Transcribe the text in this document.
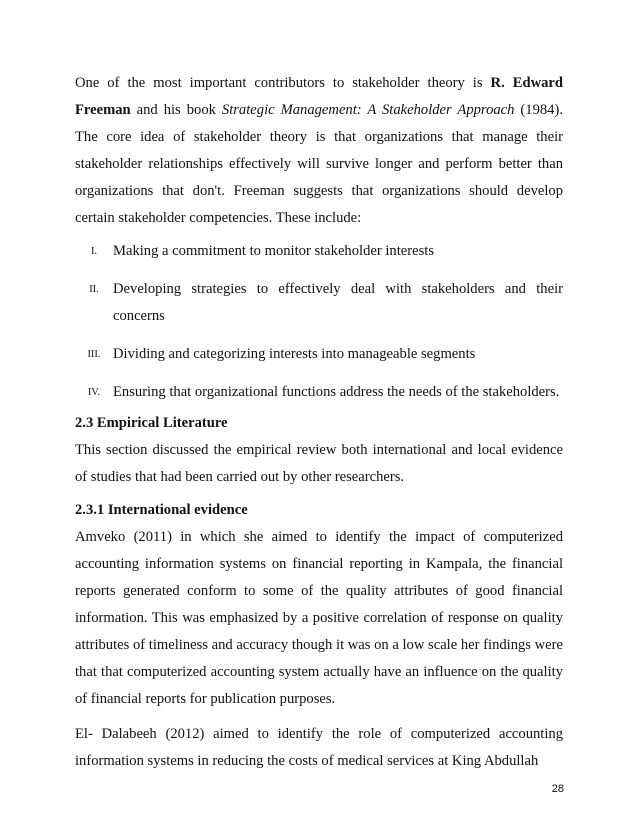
One of the most important contributors to stakeholder theory is R. Edward Freeman and his book Strategic Management: A Stakeholder Approach (1984). The core idea of stakeholder theory is that organizations that manage their stakeholder relationships effectively will survive longer and perform better than organizations that don't. Freeman suggests that organizations should develop certain stakeholder competencies. These include:

I.	Making a commitment to monitor stakeholder interests
II. Developing strategies to effectively deal with stakeholders and their concerns
III. Dividing and categorizing interests into manageable segments
IV. Ensuring that organizational functions address the needs of the stakeholders.
2.3 Empirical Literature

This section discussed the empirical review both international and local evidence of studies that had been carried out by other researchers.

2.3.1 International evidence

Amveko (2011) in which she aimed to identify the impact of computerized accounting information systems on financial reporting in Kampala, the financial reports generated conform to some of the quality attributes of good financial information. This was emphasized by a positive correlation of response on quality attributes of timeliness and accuracy though it was on a low scale her findings were that that computerized accounting system actually have an influence on the quality of financial reports for publication purposes.

El- Dalabeeh (2012) aimed to identify the role of computerized accounting information systems in reducing the costs of medical services at King Abdullah

28
